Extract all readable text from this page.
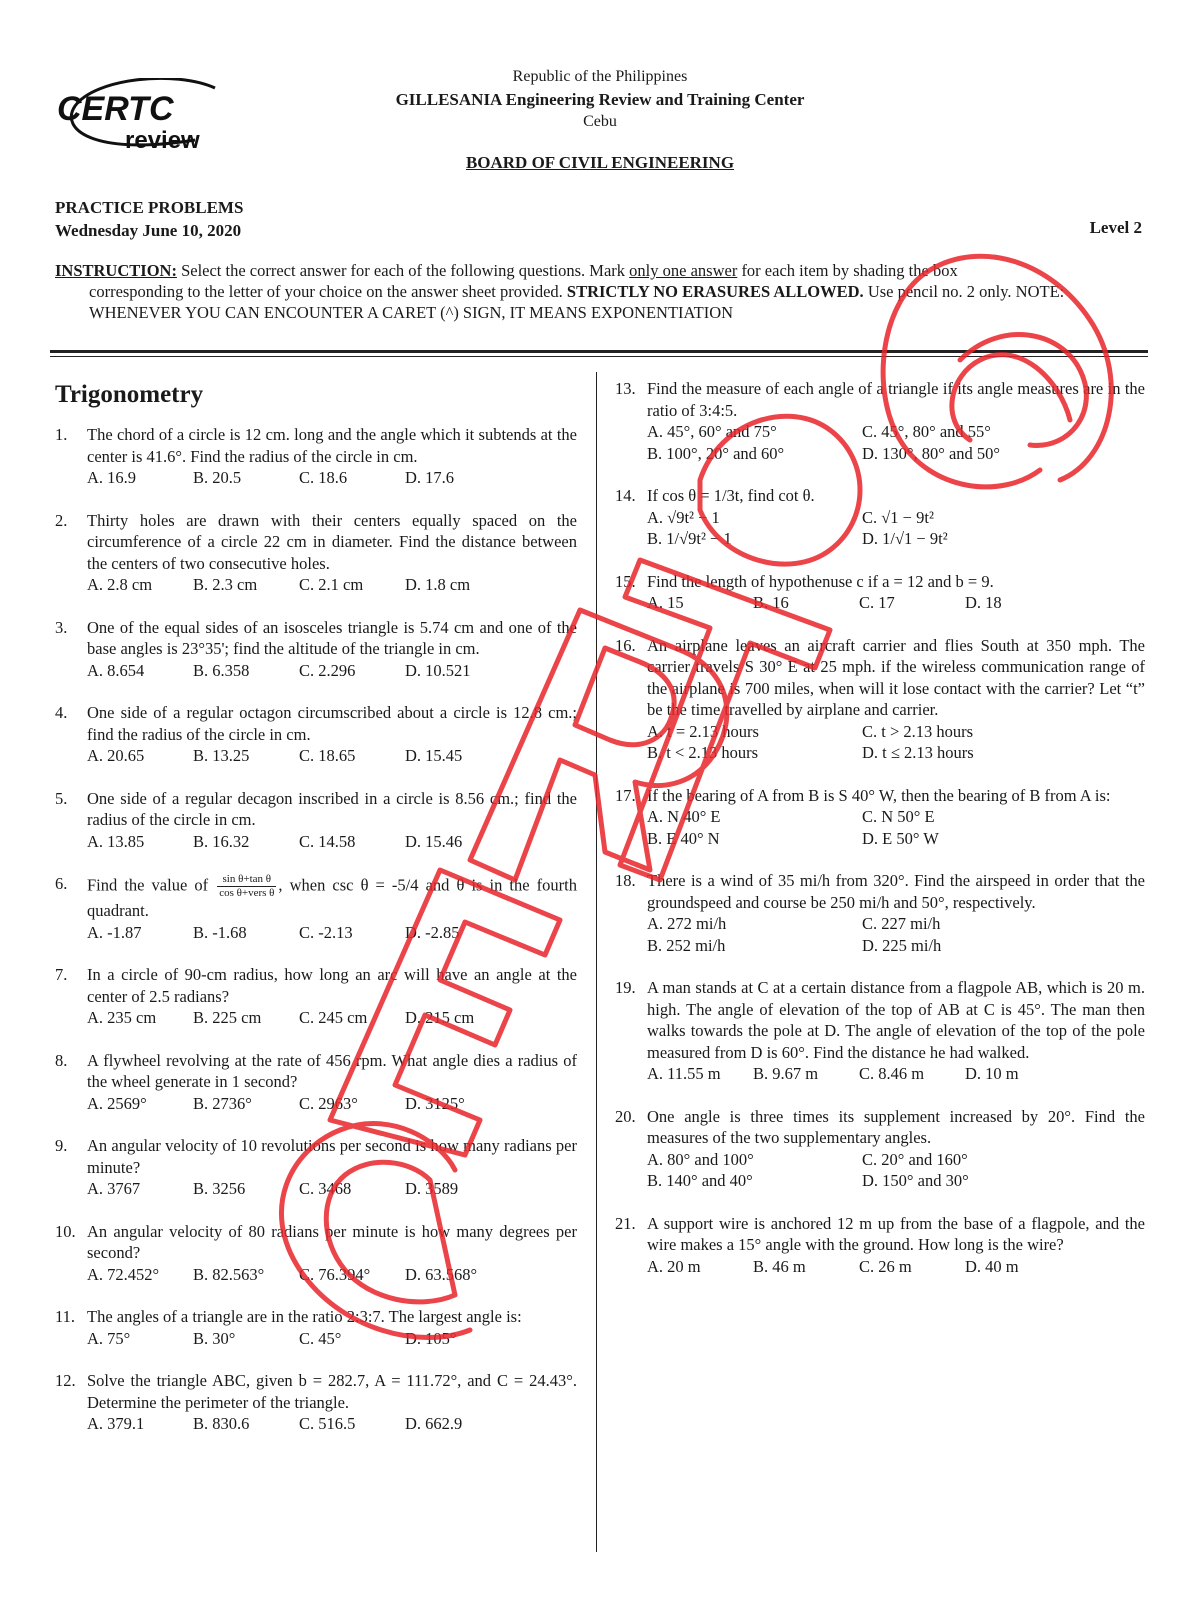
CERTC
review
Republic of the Philippines
GILLESANIA Engineering Review and Training Center
Cebu
BOARD OF CIVIL ENGINEERING
PRACTICE PROBLEMS
Wednesday June 10, 2020	Level 2
INSTRUCTION: Select the correct answer for each of the following questions. Mark only one answer for each item by shading the box
corresponding to the letter of your choice on the answer sheet provided. STRICTLY NO ERASURES ALLOWED. Use pencil no. 2 only. NOTE:
WHENEVER YOU CAN ENCOUNTER A CARET (^) SIGN, IT MEANS EXPONENTIATION
Trigonometry
1. The chord of a circle is 12 cm. long and the angle which it subtends at the center is 41.6°. Find the radius of the circle in cm.
A. 16.9	B. 20.5	C. 18.6	D. 17.6
2. Thirty holes are drawn with their centers equally spaced on the circumference of a circle 22 cm in diameter. Find the distance between the centers of two consecutive holes.
A. 2.8 cm	B. 2.3 cm	C. 2.1 cm	D. 1.8 cm
3. One of the equal sides of an isosceles triangle is 5.74 cm and one of the base angles is 23°35'; find the altitude of the triangle in cm.
A. 8.654	B. 6.358	C. 2.296	D. 10.521
4. One side of a regular octagon circumscribed about a circle is 12.8 cm.; find the radius of the circle in cm.
A. 20.65	B. 13.25	C. 18.65	D. 15.45
5. One side of a regular decagon inscribed in a circle is 8.56 cm.; find the radius of the circle in cm.
A. 13.85	B. 16.32	C. 14.58	D. 15.46
6. Find the value of $\frac{\text{sin θ+tan θ}}{\text{cos θ+vers θ}}$ , when csc θ = -5/4 and θ is in the fourth quadrant.
A. -1.87	B. -1.68	C. -2.13	D. -2.85
7. In a circle of 90-cm radius, how long an arc will have an angle at the center of 2.5 radians?
A. 235 cm	B. 225 cm	C. 245 cm	D. 215 cm
8. A flywheel revolving at the rate of 456 rpm. What angle dies a radius of the wheel generate in 1 second?
A. 2569°	B. 2736°	C. 2963°	D. 3125°
9. An angular velocity of 10 revolutions per second is how many radians per minute?
A. 3767	B. 3256	C. 3468	D. 3589
10. An angular velocity of 80 radians per minute is how many degrees per second?
A. 72.452°	B. 82.563°	C. 76.394°	D. 63.568°
11. The angles of a triangle are in the ratio 2:3:7. The largest angle is:
A. 75°	B. 30°	C. 45°	D. 105°
12. Solve the triangle ABC, given b = 282.7, A = 111.72°, and C = 24.43°. Determine the perimeter of the triangle.
A. 379.1	B. 830.6	C. 516.5	D. 662.9
13. Find the measure of each angle of a triangle if its angle measures are in the ratio of 3:4:5.
A. 45°, 60° and 75°	C. 45°, 80° and 55°
B. 100°, 20° and 60°	D. 130°, 80° and 50°
14. If cos θ = 1/3t, find cot θ.
A. √9t² − 1	C. √1 − 9t²
B. 1/√9t² − 1	D. 1/√1 − 9t²
15. Find the length of hypothenuse c if a = 12 and b = 9.
A. 15	B. 16	C. 17	D. 18
16. An airplane leaves an aircraft carrier and flies South at 350 mph. The carrier travels S 30° E at 25 mph. if the wireless communication range of the airplane is 700 miles, when will it lose contact with the carrier? Let “t” be the time travelled by airplane and carrier.
A. t = 2.13 hours	C. t > 2.13 hours
B. t < 2.13 hours	D. t ≤ 2.13 hours
17. If the bearing of A from B is S 40° W, then the bearing of B from A is:
A. N 40° E	C. N 50° E
B. E 40° N	D. E 50° W
18. There is a wind of 35 mi/h from 320°. Find the airspeed in order that the groundspeed and course be 250 mi/h and 50°, respectively.
A. 272 mi/h	C. 227 mi/h
B. 252 mi/h	D. 225 mi/h
19. A man stands at C at a certain distance from a flagpole AB, which is 20 m. high. The angle of elevation of the top of AB at C is 45°. The man then walks towards the pole at D. The angle of elevation of the top of the pole measured from D is 60°. Find the distance he had walked.
A. 11.55 m	B. 9.67 m	C. 8.46 m	D. 10 m
20. One angle is three times its supplement increased by 20°. Find the measures of the two supplementary angles.
A. 80° and 100°	C. 20° and 160°
B. 140° and 40°	D. 150° and 30°
21. A support wire is anchored 12 m up from the base of a flagpole, and the wire makes a 15° angle with the ground. How long is the wire?
A. 20 m	B. 46 m	C. 26 m	D. 40 m
